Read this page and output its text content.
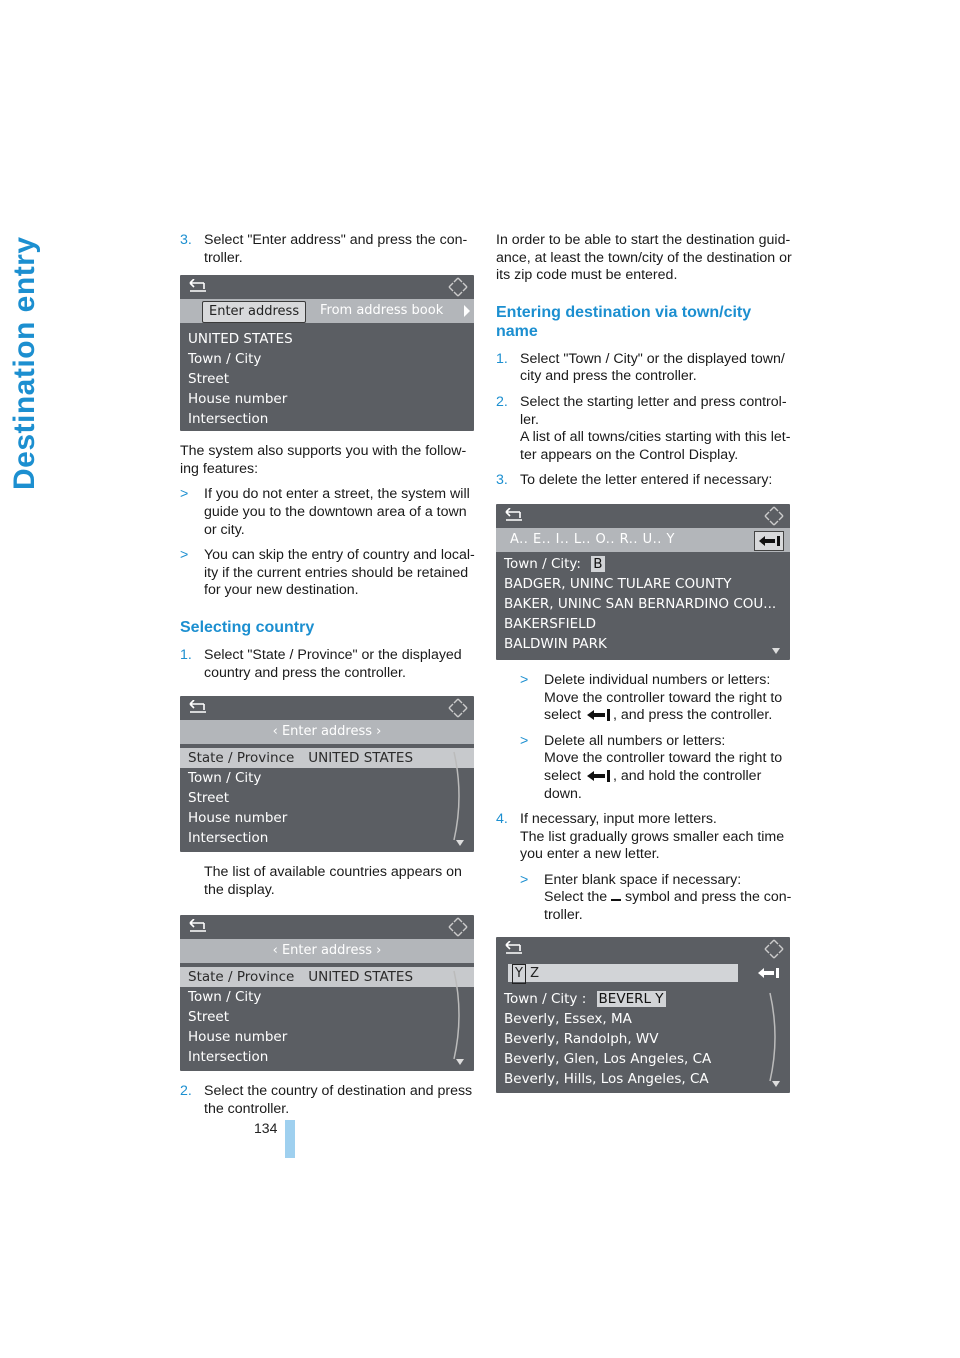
Destination entry	3. Select "Enter address" and press the con-troller.
Enter address	From address book
UNITED STATES
Town / City
Street
House number
Intersection

The system also supports you with the follow-ing features:

> If you do not enter a street, the system will guide you to the downtown area of a town or city.
> You can skip the entry of country and local-ity if the current entries should be retained for your new destination.
Selecting country
1. Select "State / Province" or the displayed country and press the controller.
‹ Enter address ›
State / Province UNITED STATES
Town / City
Street
House number
Intersection

The list of available countries appears on the display.

‹ Enter address ›
State / Province UNITED STATES
Town / City
Street
House number
Intersection
2. Select the country of destination and press the controller.

In order to be able to start the destination guid-ance, at least the town/city of the destination or its zip code must be entered.

Entering destination via town/city name
1. Select "Town / City" or the displayed town/ city and press the controller.
2. Select the starting letter and press control-ler.
A list of all towns/cities starting with this let-ter appears on the Control Display.
3. To delete the letter entered if necessary:
A.. E.. I.. L.. O.. R.. U.. Y
Town / City: B
BADGER, UNINC TULARE COUNTY
BAKER, UNINC SAN BERNARDINO COU...
BAKERSFIELD
BALDWIN PARK
> Delete individual numbers or letters:
Move the controller toward the right to
select , and press the controller.
> Delete all numbers or letters:
Move the controller toward the right to
select , and hold the controller down.
4. If necessary, input more letters.
The list gradually grows smaller each time you enter a new letter.
> Enter blank space if necessary:
Select the symbol and press the con-troller.
Y Z
Town / City : BEVERL Y
Beverly, Essex, MA
Beverly, Randolph, WV
Beverly, Glen, Los Angeles, CA
Beverly, Hills, Los Angeles, CA
134
